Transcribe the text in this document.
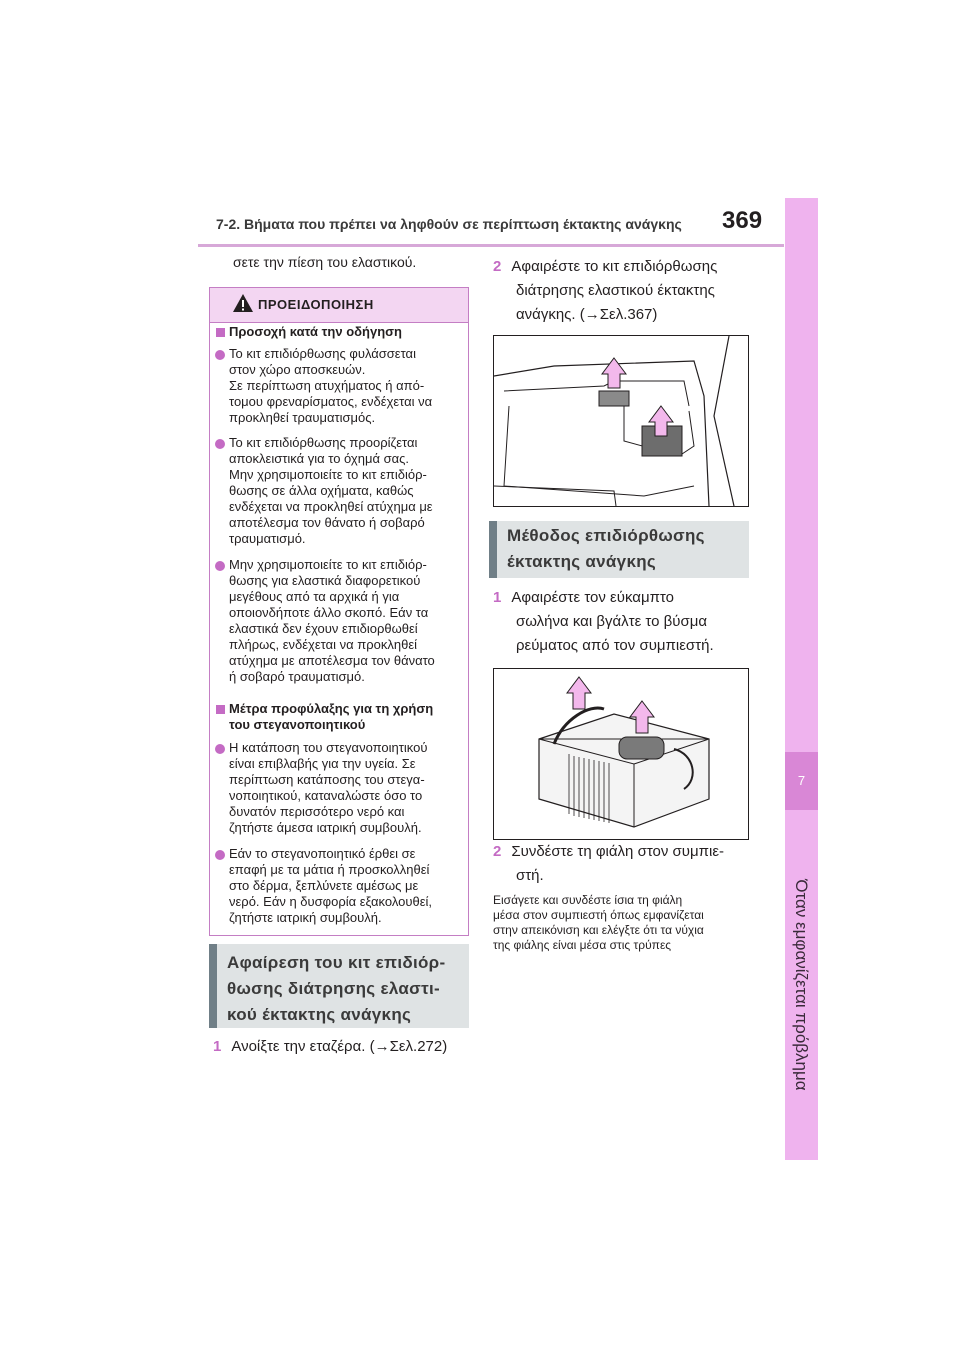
7-2. Βήματα που πρέπει να ληφθούν σε περίπτωση έκτακτης ανάγκης 369
7
Όταν εμφανίζεται πρόβλημα
σετε την πίεση του ελαστικού.
ΠΡΟΕΙΔΟΠΟΙΗΣΗ
Προσοχή κατά την οδήγηση
Το κιτ επιδιόρθωσης φυλάσσεται
στον χώρο αποσκευών.
Σε περίπτωση ατυχήματος ή από-
τομου φρεναρίσματος, ενδέχεται να
προκληθεί τραυματισμός.
Το κιτ επιδιόρθωσης προορίζεται
αποκλειστικά για το όχημά σας.
Μην χρησιμοποιείτε το κιτ επιδιόρ-
θωσης σε άλλα οχήματα, καθώς
ενδέχεται να προκληθεί ατύχημα με
αποτέλεσμα τον θάνατο ή σοβαρό
τραυματισμό.
Μην χρησιμοποιείτε το κιτ επιδιόρ-
θωσης για ελαστικά διαφορετικού
μεγέθους από τα αρχικά ή για
οποιονδήποτε άλλο σκοπό. Εάν τα
ελαστικά δεν έχουν επιδιορθωθεί
πλήρως, ενδέχεται να προκληθεί
ατύχημα με αποτέλεσμα τον θάνατο
ή σοβαρό τραυματισμό.
Μέτρα προφύλαξης για τη χρήση
του στεγανοποιητικού
Η κατάποση του στεγανοποιητικού
είναι επιβλαβής για την υγεία. Σε
περίπτωση κατάποσης του στεγα-
νοποιητικού, καταναλώστε όσο το
δυνατόν περισσότερο νερό και
ζητήστε άμεσα ιατρική συμβουλή.
Εάν το στεγανοποιητικό έρθει σε
επαφή με τα μάτια ή προσκολληθεί
στο δέρμα, ξεπλύνετε αμέσως με
νερό. Εάν η δυσφορία εξακολουθεί,
ζητήστε ιατρική συμβουλή.
Αφαίρεση του κιτ επιδιόρ-
θωσης διάτρησης ελαστι-
κού έκτακτης ανάγκης
1 Ανοίξτε την εταζέρα. (→Σελ.272)
2 Αφαιρέστε το κιτ επιδιόρθωσης
διάτρησης ελαστικού έκτακτης
ανάγκης. (→Σελ.367)
Μέθοδος επιδιόρθωσης
έκτακτης ανάγκης
1 Αφαιρέστε τον εύκαμπτο
σωλήνα και βγάλτε το βύσμα
ρεύματος από τον συμπιεστή.
2 Συνδέστε τη φιάλη στον συμπιε-
στή.
Εισάγετε και συνδέστε ίσια τη φιάλη
μέσα στον συμπιεστή όπως εμφανίζεται
στην απεικόνιση και ελέγξτε ότι τα νύχια
της φιάλης είναι μέσα στις τρύπες
